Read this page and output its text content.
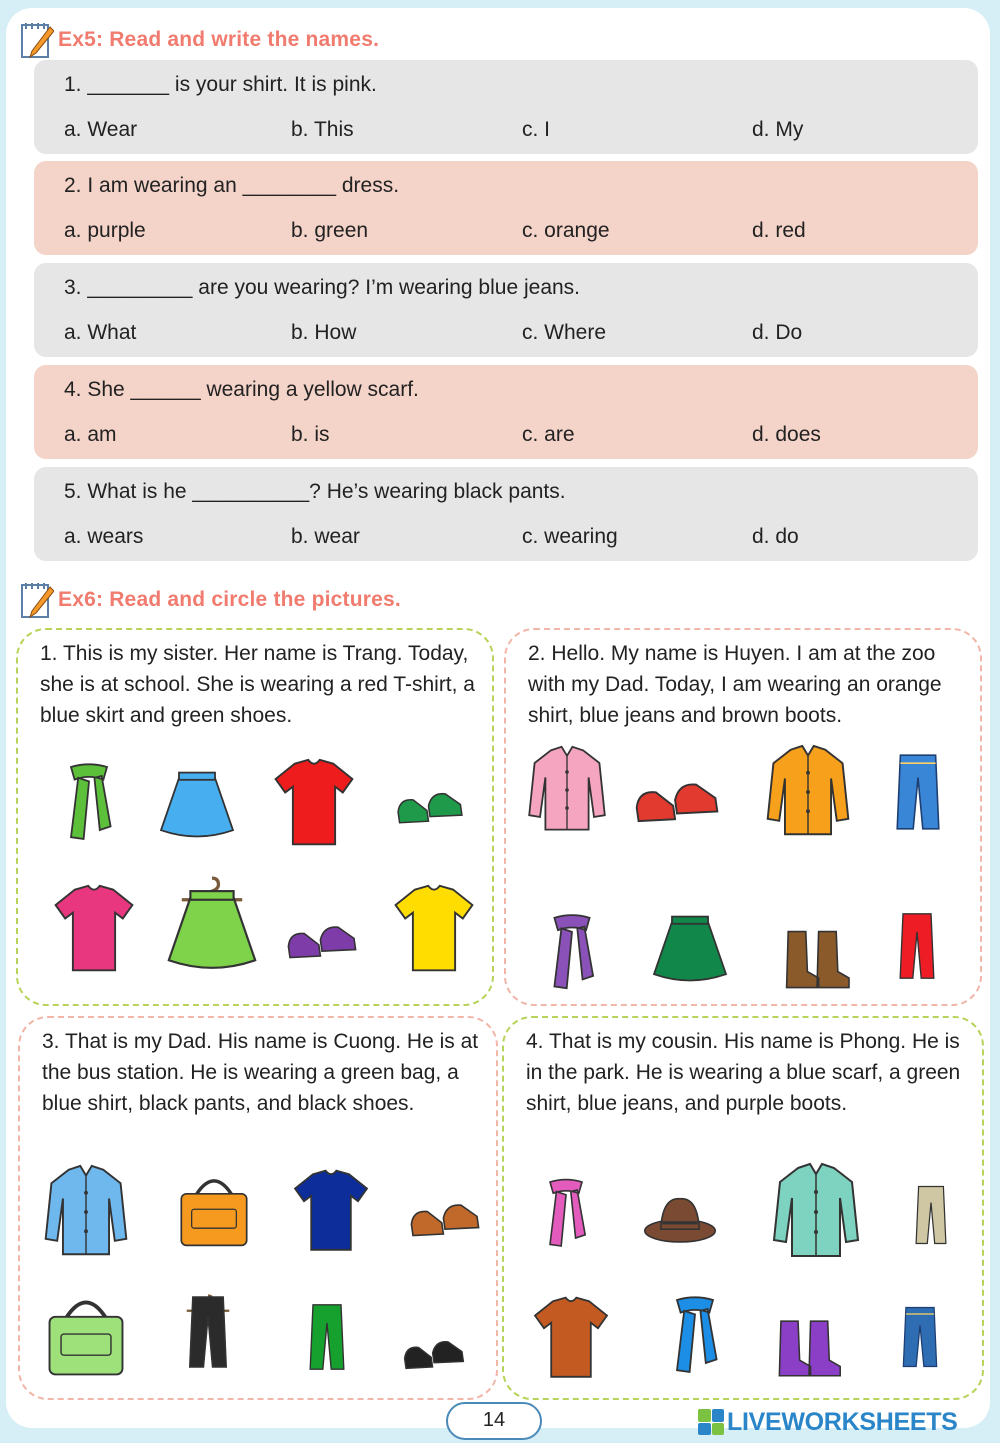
Ex5: Read and write the names.
1. _______ is your shirt. It is pink.
a. Wear	b. This	c. I	d. My
2. I am wearing an ________ dress.
a. purple	b. green	c. orange	d. red
3. _________ are you wearing? I’m wearing blue jeans.
a. What	b. How	c. Where	d. Do
4. She ______ wearing a yellow scarf.
a. am	b. is	c. are	d. does
5. What is he __________? He’s wearing black pants.
a. wears	b. wear	c. wearing	d. do
Ex6: Read and circle the pictures.
1. This is my sister. Her name is Trang. Today, she is at school. She is wearing a red T-shirt, a blue skirt and green shoes.
2. Hello. My name is Huyen. I am at the zoo with my Dad. Today, I am wearing an orange shirt, blue jeans and brown boots.
3. That is my Dad. His name is Cuong. He is at the bus station. He is wearing a green bag, a blue shirt, black pants, and black shoes.
4. That is my cousin. His name is Phong. He is in the park. He is wearing a blue scarf, a green shirt, blue jeans, and purple boots.
14	LIVEWORKSHEETS
